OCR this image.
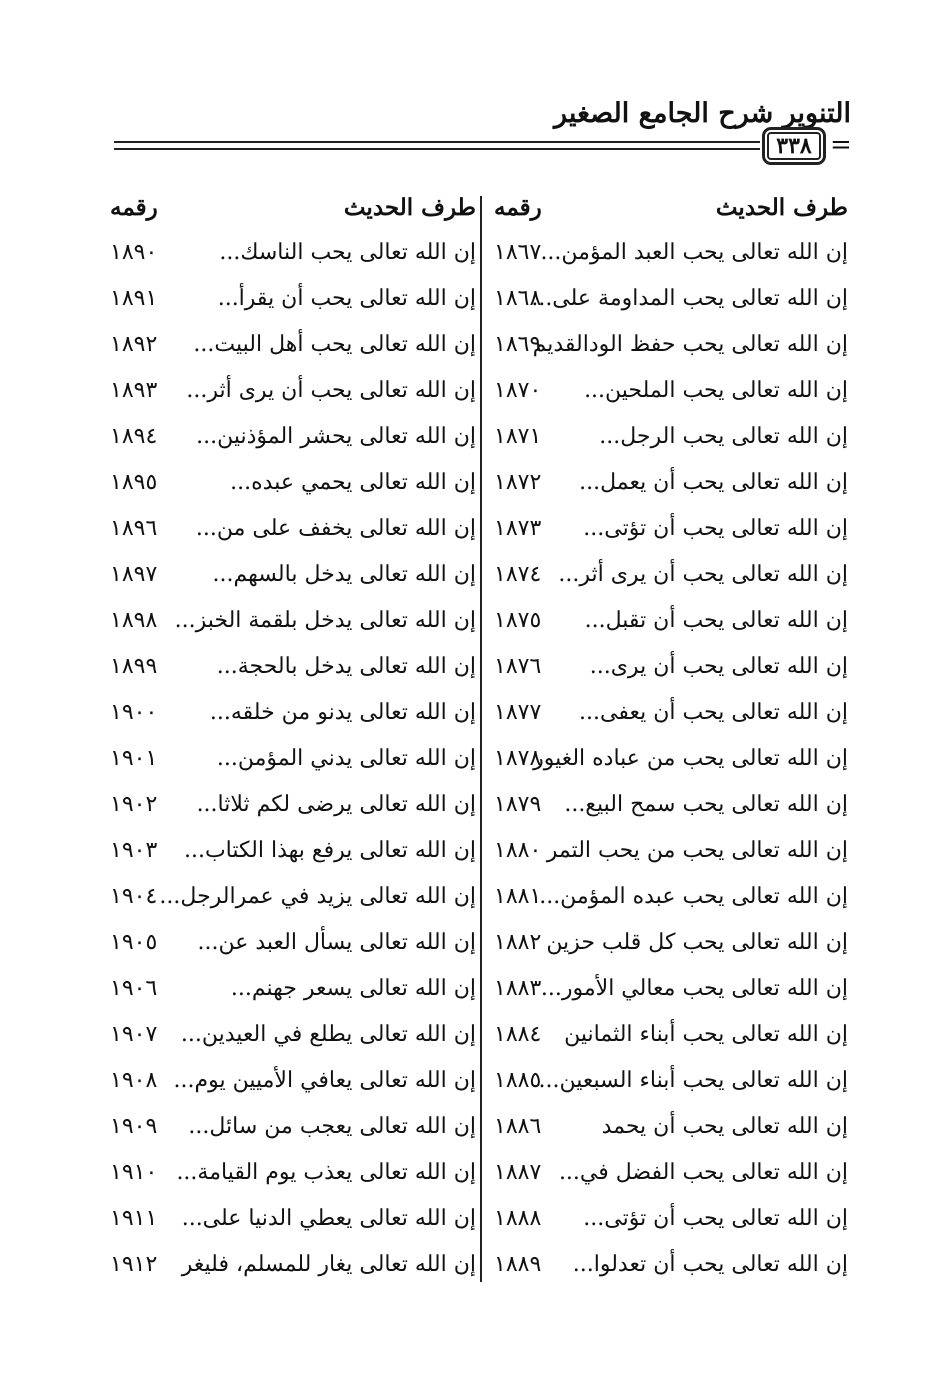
التنوير شرح الجامع الصغير
٣٣٨ =
طرف الحديث
رقمه
إن الله تعالى يحب العبد المؤمن...
١٨٦٧
إن الله تعالى يحب المداومة على...
١٨٦٨
إن الله تعالى يحب حفظ الودالقديم
١٨٦٩
إن الله تعالى يحب الملحين...
١٨٧٠
إن الله تعالى يحب الرجل...
١٨٧١
إن الله تعالى يحب أن يعمل...
١٨٧٢
إن الله تعالى يحب أن تؤتى...
١٨٧٣
إن الله تعالى يحب أن يرى أثر...
١٨٧٤
إن الله تعالى يحب أن تقبل...
١٨٧٥
إن الله تعالى يحب أن يرى...
١٨٧٦
إن الله تعالى يحب أن يعفى...
١٨٧٧
إن الله تعالى يحب من عباده الغيور
١٨٧٨
إن الله تعالى يحب سمح البيع...
١٨٧٩
إن الله تعالى يحب من يحب التمر
١٨٨٠
إن الله تعالى يحب عبده المؤمن...
١٨٨١
إن الله تعالى يحب كل قلب حزين
١٨٨٢
إن الله تعالى يحب معالي الأمور...
١٨٨٣
إن الله تعالى يحب أبناء الثمانين
١٨٨٤
إن الله تعالى يحب أبناء السبعين...
١٨٨٥
إن الله تعالى يحب أن يحمد
١٨٨٦
إن الله تعالى يحب الفضل في...
١٨٨٧
إن الله تعالى يحب أن تؤتى...
١٨٨٨
إن الله تعالى يحب أن تعدلوا...
١٨٨٩
طرف الحديث
رقمه
إن الله تعالى يحب الناسك...
١٨٩٠
إن الله تعالى يحب أن يقرأ...
١٨٩١
إن الله تعالى يحب أهل البيت...
١٨٩٢
إن الله تعالى يحب أن يرى أثر...
١٨٩٣
إن الله تعالى يحشر المؤذنين...
١٨٩٤
إن الله تعالى يحمي عبده...
١٨٩٥
إن الله تعالى يخفف على من...
١٨٩٦
إن الله تعالى يدخل بالسهم...
١٨٩٧
إن الله تعالى يدخل بلقمة الخبز...
١٨٩٨
إن الله تعالى يدخل بالحجة...
١٨٩٩
إن الله تعالى يدنو من خلقه...
١٩٠٠
إن الله تعالى يدني المؤمن...
١٩٠١
إن الله تعالى يرضى لكم ثلاثا...
١٩٠٢
إن الله تعالى يرفع بهذا الكتاب...
١٩٠٣
إن الله تعالى يزيد في عمرالرجل...
١٩٠٤
إن الله تعالى يسأل العبد عن...
١٩٠٥
إن الله تعالى يسعر جهنم...
١٩٠٦
إن الله تعالى يطلع في العيدين...
١٩٠٧
إن الله تعالى يعافي الأميين يوم...
١٩٠٨
إن الله تعالى يعجب من سائل...
١٩٠٩
إن الله تعالى يعذب يوم القيامة...
١٩١٠
إن الله تعالى يعطي الدنيا على...
١٩١١
إن الله تعالى يغار للمسلم، فليغر
١٩١٢
